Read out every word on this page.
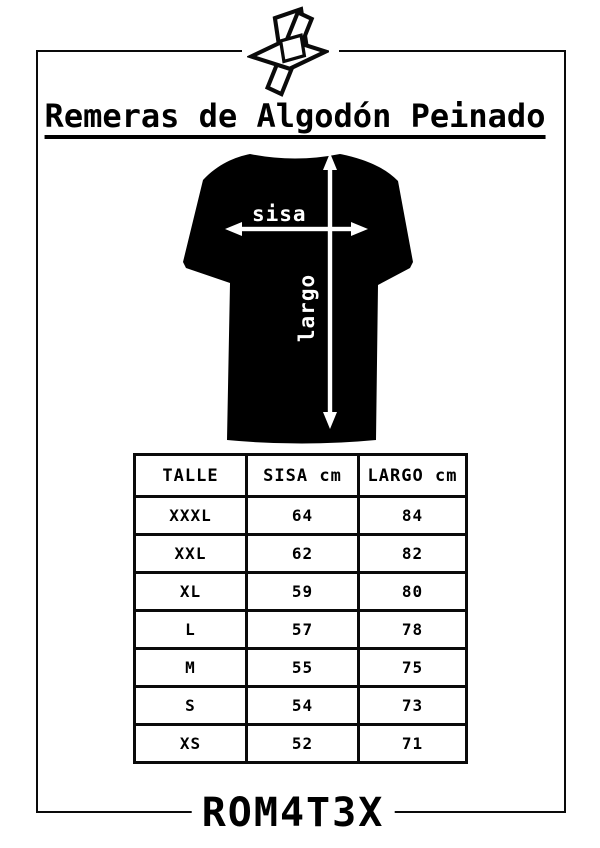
Remeras de Algodón Peinado
sisa
largo
TALLE	SISA cm	LARGO cm
XXXL	64	84
XXL	62	82
XL	59	80
L	57	78
M	55	75
S	54	73
XS	52	71
ROM4T3X
